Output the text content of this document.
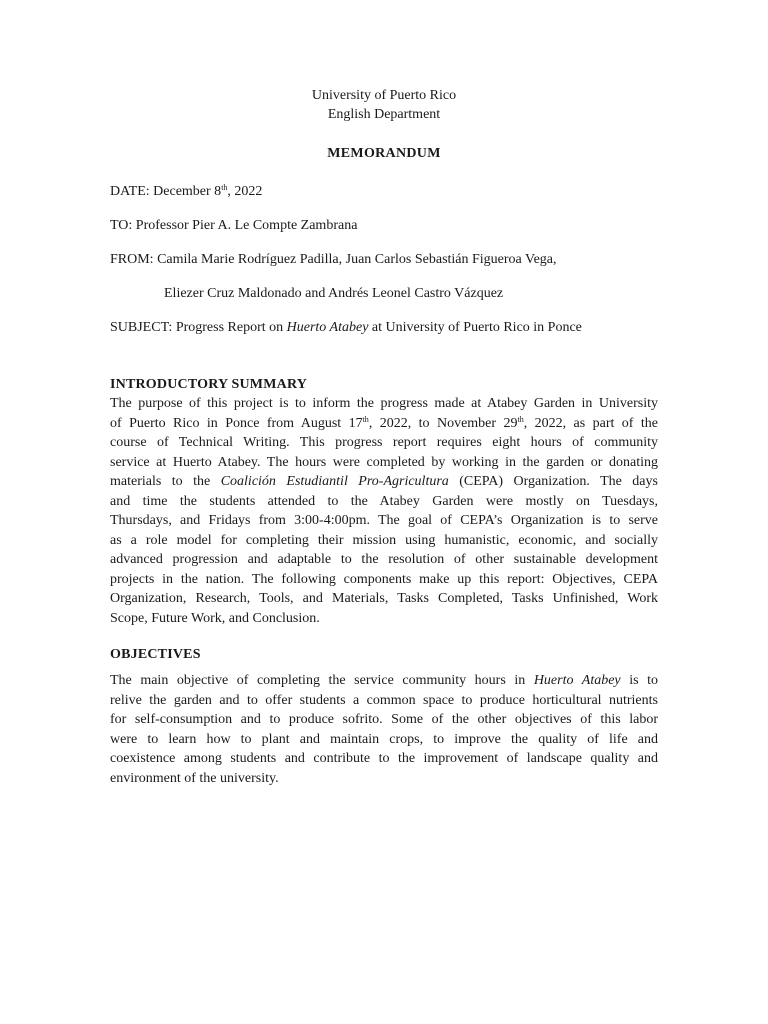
University of Puerto Rico
English Department
MEMORANDUM
DATE: December 8th, 2022
TO: Professor Pier A. Le Compte Zambrana
FROM: Camila Marie Rodríguez Padilla, Juan Carlos Sebastián Figueroa Vega,
Eliezer Cruz Maldonado and Andrés Leonel Castro Vázquez
SUBJECT: Progress Report on Huerto Atabey at University of Puerto Rico in Ponce
INTRODUCTORY SUMMARY
The purpose of this project is to inform the progress made at Atabey Garden in University
of Puerto Rico in Ponce from August 17th, 2022, to November 29th, 2022, as part of the
course of Technical Writing. This progress report requires eight hours of community
service at Huerto Atabey. The hours were completed by working in the garden or donating
materials to the Coalición Estudiantil Pro-Agricultura (CEPA) Organization. The days
and time the students attended to the Atabey Garden were mostly on Tuesdays,
Thursdays, and Fridays from 3:00-4:00pm. The goal of CEPA’s Organization is to serve
as a role model for completing their mission using humanistic, economic, and socially
advanced progression and adaptable to the resolution of other sustainable development
projects in the nation. The following components make up this report: Objectives, CEPA
Organization, Research, Tools, and Materials, Tasks Completed, Tasks Unfinished, Work
Scope, Future Work, and Conclusion.
OBJECTIVES
The main objective of completing the service community hours in Huerto Atabey is to
relive the garden and to offer students a common space to produce horticultural nutrients
for self-consumption and to produce sofrito. Some of the other objectives of this labor
were to learn how to plant and maintain crops, to improve the quality of life and
coexistence among students and contribute to the improvement of landscape quality and
environment of the university.
